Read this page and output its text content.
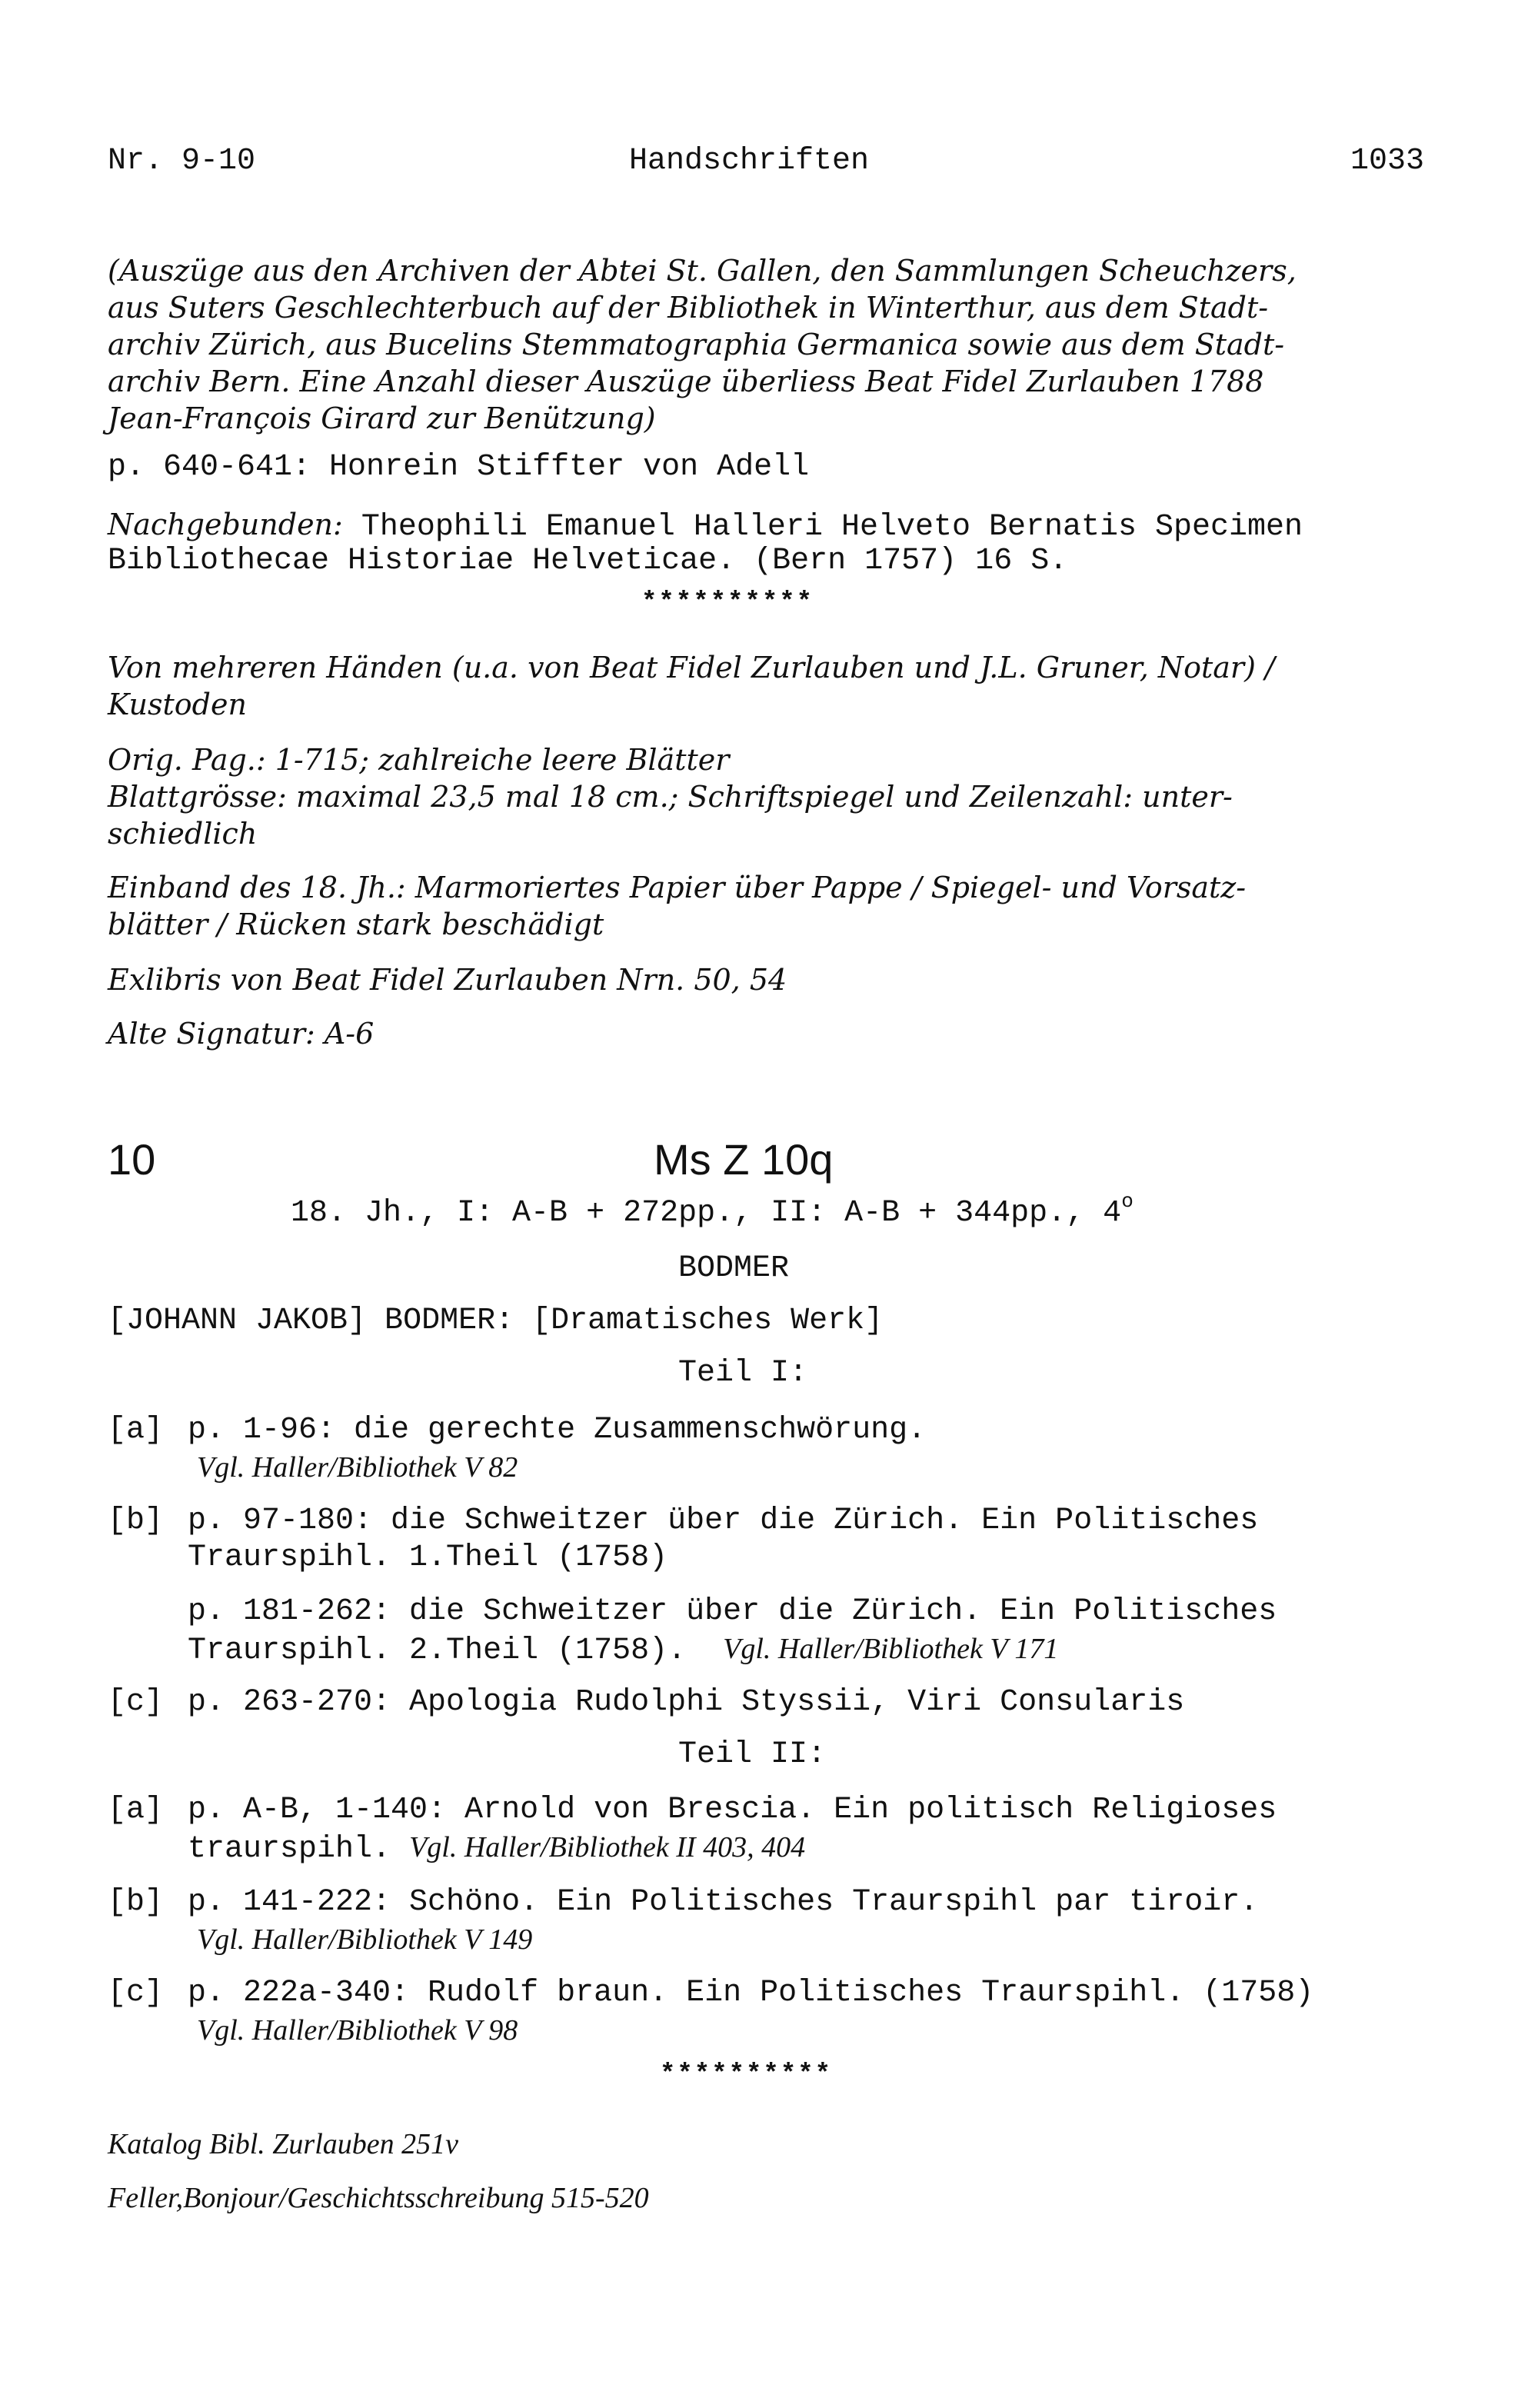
Nr. 9-10	Handschriften	1033
(Auszüge aus den Archiven der Abtei St. Gallen, den Sammlungen Scheuchzers,
aus Suters Geschlechterbuch auf der Bibliothek in Winterthur, aus dem Stadt-
archiv Zürich, aus Bucelins Stemmatographia Germanica sowie aus dem Stadt-
archiv Bern. Eine Anzahl dieser Auszüge überliess Beat Fidel Zurlauben 1788
Jean-François Girard zur Benützung)
p. 640-641: Honrein Stiffter von Adell
Nachgebunden: Theophili Emanuel Halleri Helveto Bernatis Specimen
Bibliothecae Historiae Helveticae. (Bern 1757) 16 S.
**********
Von mehreren Händen (u.a. von Beat Fidel Zurlauben und J.L. Gruner, Notar) /
Kustoden
Orig. Pag.: 1-715; zahlreiche leere Blätter
Blattgrösse: maximal 23,5 mal 18 cm.; Schriftspiegel und Zeilenzahl: unter-
schiedlich
Einband des 18. Jh.: Marmoriertes Papier über Pappe / Spiegel- und Vorsatz-
blätter / Rücken stark beschädigt
Exlibris von Beat Fidel Zurlauben Nrn. 50, 54
Alte Signatur: A-6
10	Ms Z 10q
18. Jh., I: A-B + 272pp., II: A-B + 344pp., 4$^o$
BODMER
[JOHANN JAKOB] BODMER: [Dramatisches Werk]
Teil I:
[a] p. 1-96: die gerechte Zusammenschwörung.
Vgl. Haller/Bibliothek V 82
[b] p. 97-180: die Schweitzer über die Zürich. Ein Politisches
Traurspihl. 1.Theil (1758)
p. 181-262: die Schweitzer über die Zürich. Ein Politisches
Traurspihl. 2.Theil (1758). Vgl. Haller/Bibliothek V 171
[c] p. 263-270: Apologia Rudolphi Styssii, Viri Consularis
Teil II:
[a] p. A-B, 1-140: Arnold von Brescia. Ein politisch Religioses
traurspihl. Vgl. Haller/Bibliothek II 403, 404
[b] p. 141-222: Schöno. Ein Politisches Traurspihl par tiroir.
Vgl. Haller/Bibliothek V 149
[c] p. 222a-340: Rudolf braun. Ein Politisches Traurspihl. (1758)
Vgl. Haller/Bibliothek V 98
**********
Katalog Bibl. Zurlauben 251v
Feller,Bonjour/Geschichtsschreibung 515-520
